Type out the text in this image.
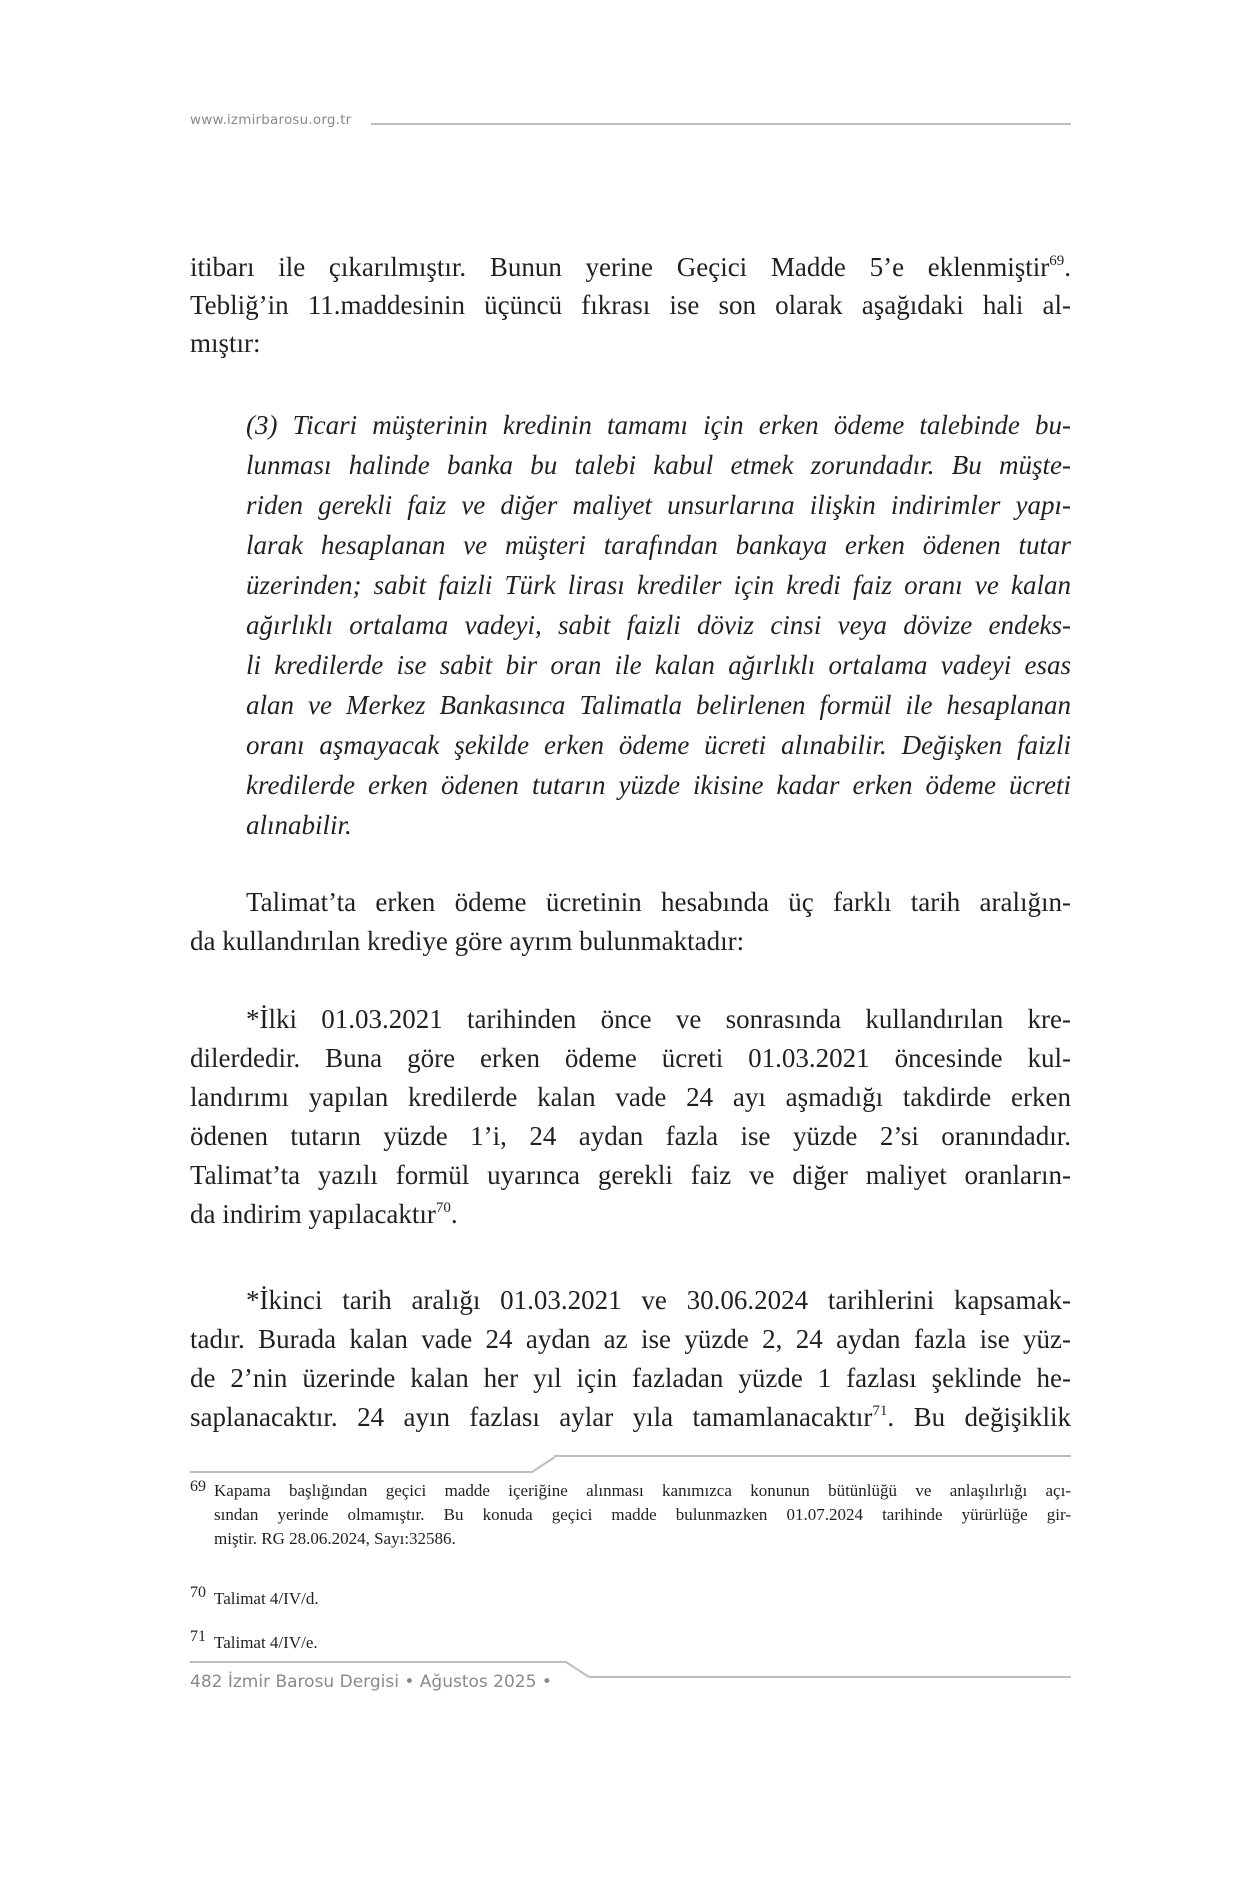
www.izmirbarosu.org.tr
itibarı ile çıkarılmıştır. Bunun yerine Geçici Madde 5’e eklenmiştir$^{69}$.
Tebliğ’in 11.maddesinin üçüncü fıkrası ise son olarak aşağıdaki hali al-
mıştır:
(3) Ticari müşterinin kredinin tamamı için erken ödeme talebinde bu-
lunması halinde banka bu talebi kabul etmek zorundadır. Bu müşte-
riden gerekli faiz ve diğer maliyet unsurlarına ilişkin indirimler yapı-
larak hesaplanan ve müşteri tarafından bankaya erken ödenen tutar
üzerinden; sabit faizli Türk lirası krediler için kredi faiz oranı ve kalan
ağırlıklı ortalama vadeyi, sabit faizli döviz cinsi veya dövize endeks-
li kredilerde ise sabit bir oran ile kalan ağırlıklı ortalama vadeyi esas
alan ve Merkez Bankasınca Talimatla belirlenen formül ile hesaplanan
oranı aşmayacak şekilde erken ödeme ücreti alınabilir. Değişken faizli
kredilerde erken ödenen tutarın yüzde ikisine kadar erken ödeme ücreti
alınabilir.
Talimat’ta erken ödeme ücretinin hesabında üç farklı tarih aralığın-
da kullandırılan krediye göre ayrım bulunmaktadır:
*İlki 01.03.2021 tarihinden önce ve sonrasında kullandırılan kre-
dilerdedir. Buna göre erken ödeme ücreti 01.03.2021 öncesinde kul-
landırımı yapılan kredilerde kalan vade 24 ayı aşmadığı takdirde erken
ödenen tutarın yüzde 1’i, 24 aydan fazla ise yüzde 2’si oranındadır.
Talimat’ta yazılı formül uyarınca gerekli faiz ve diğer maliyet oranların-
da indirim yapılacaktır$^{70}$.
*İkinci tarih aralığı 01.03.2021 ve 30.06.2024 tarihlerini kapsamak-
tadır. Burada kalan vade 24 aydan az ise yüzde 2, 24 aydan fazla ise yüz-
de 2’nin üzerinde kalan her yıl için fazladan yüzde 1 fazlası şeklinde he-
saplanacaktır. 24 ayın fazlası aylar yıla tamamlanacaktır$^{71}$. Bu değişiklik
69 Kapama başlığından geçici madde içeriğine alınması kanımızca konunun bütünlüğü ve anlaşılırlığı açı-
sından yerinde olmamıştır. Bu konuda geçici madde bulunmazken 01.07.2024 tarihinde yürürlüğe gir-
miştir. RG 28.06.2024, Sayı:32586.
70 Talimat 4/IV/d.
71 Talimat 4/IV/e.
482 İzmir Barosu Dergisi • Ağustos 2025 •
